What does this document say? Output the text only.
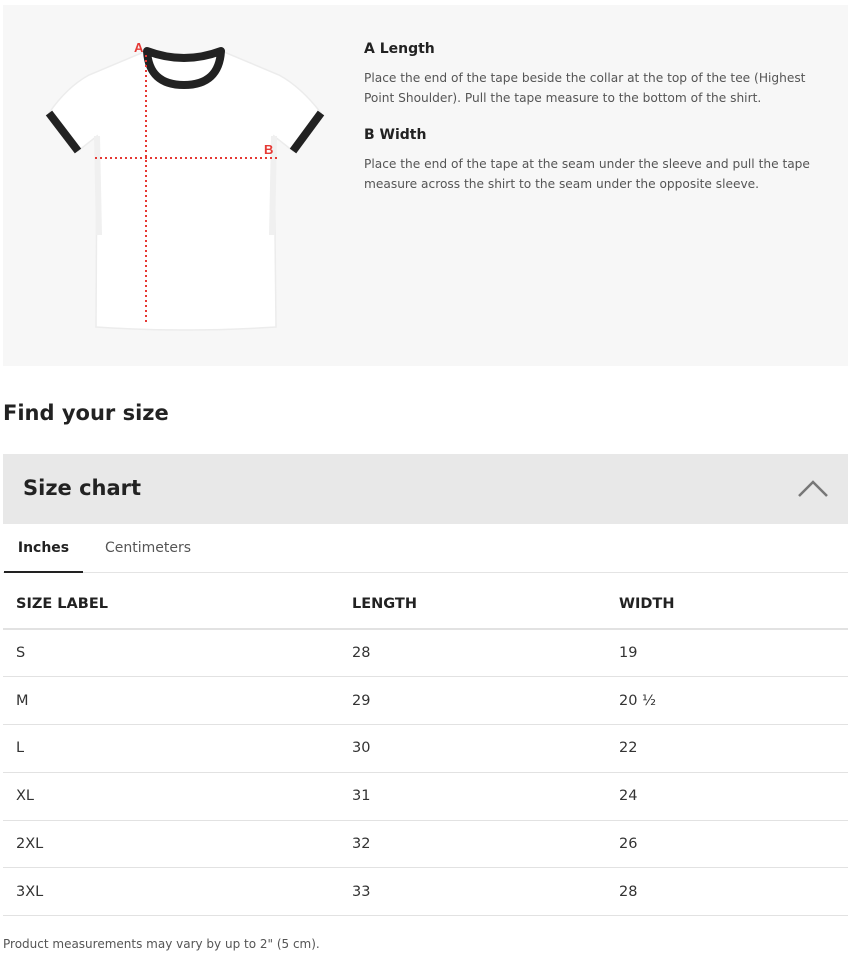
A
B
A Length
Place the end of the tape beside the collar at the top of the tee (Highest Point Shoulder). Pull the tape measure to the bottom of the shirt.
B Width
Place the end of the tape at the seam under the sleeve and pull the tape measure across the shirt to the seam under the opposite sleeve.
Find your size
Size chart
Inches	Centimeters
SIZE LABEL	LENGTH	WIDTH
S	28	19
M	29	20 ½
L	30	22
XL	31	24
2XL	32	26
3XL	33	28
Product measurements may vary by up to 2" (5 cm).
